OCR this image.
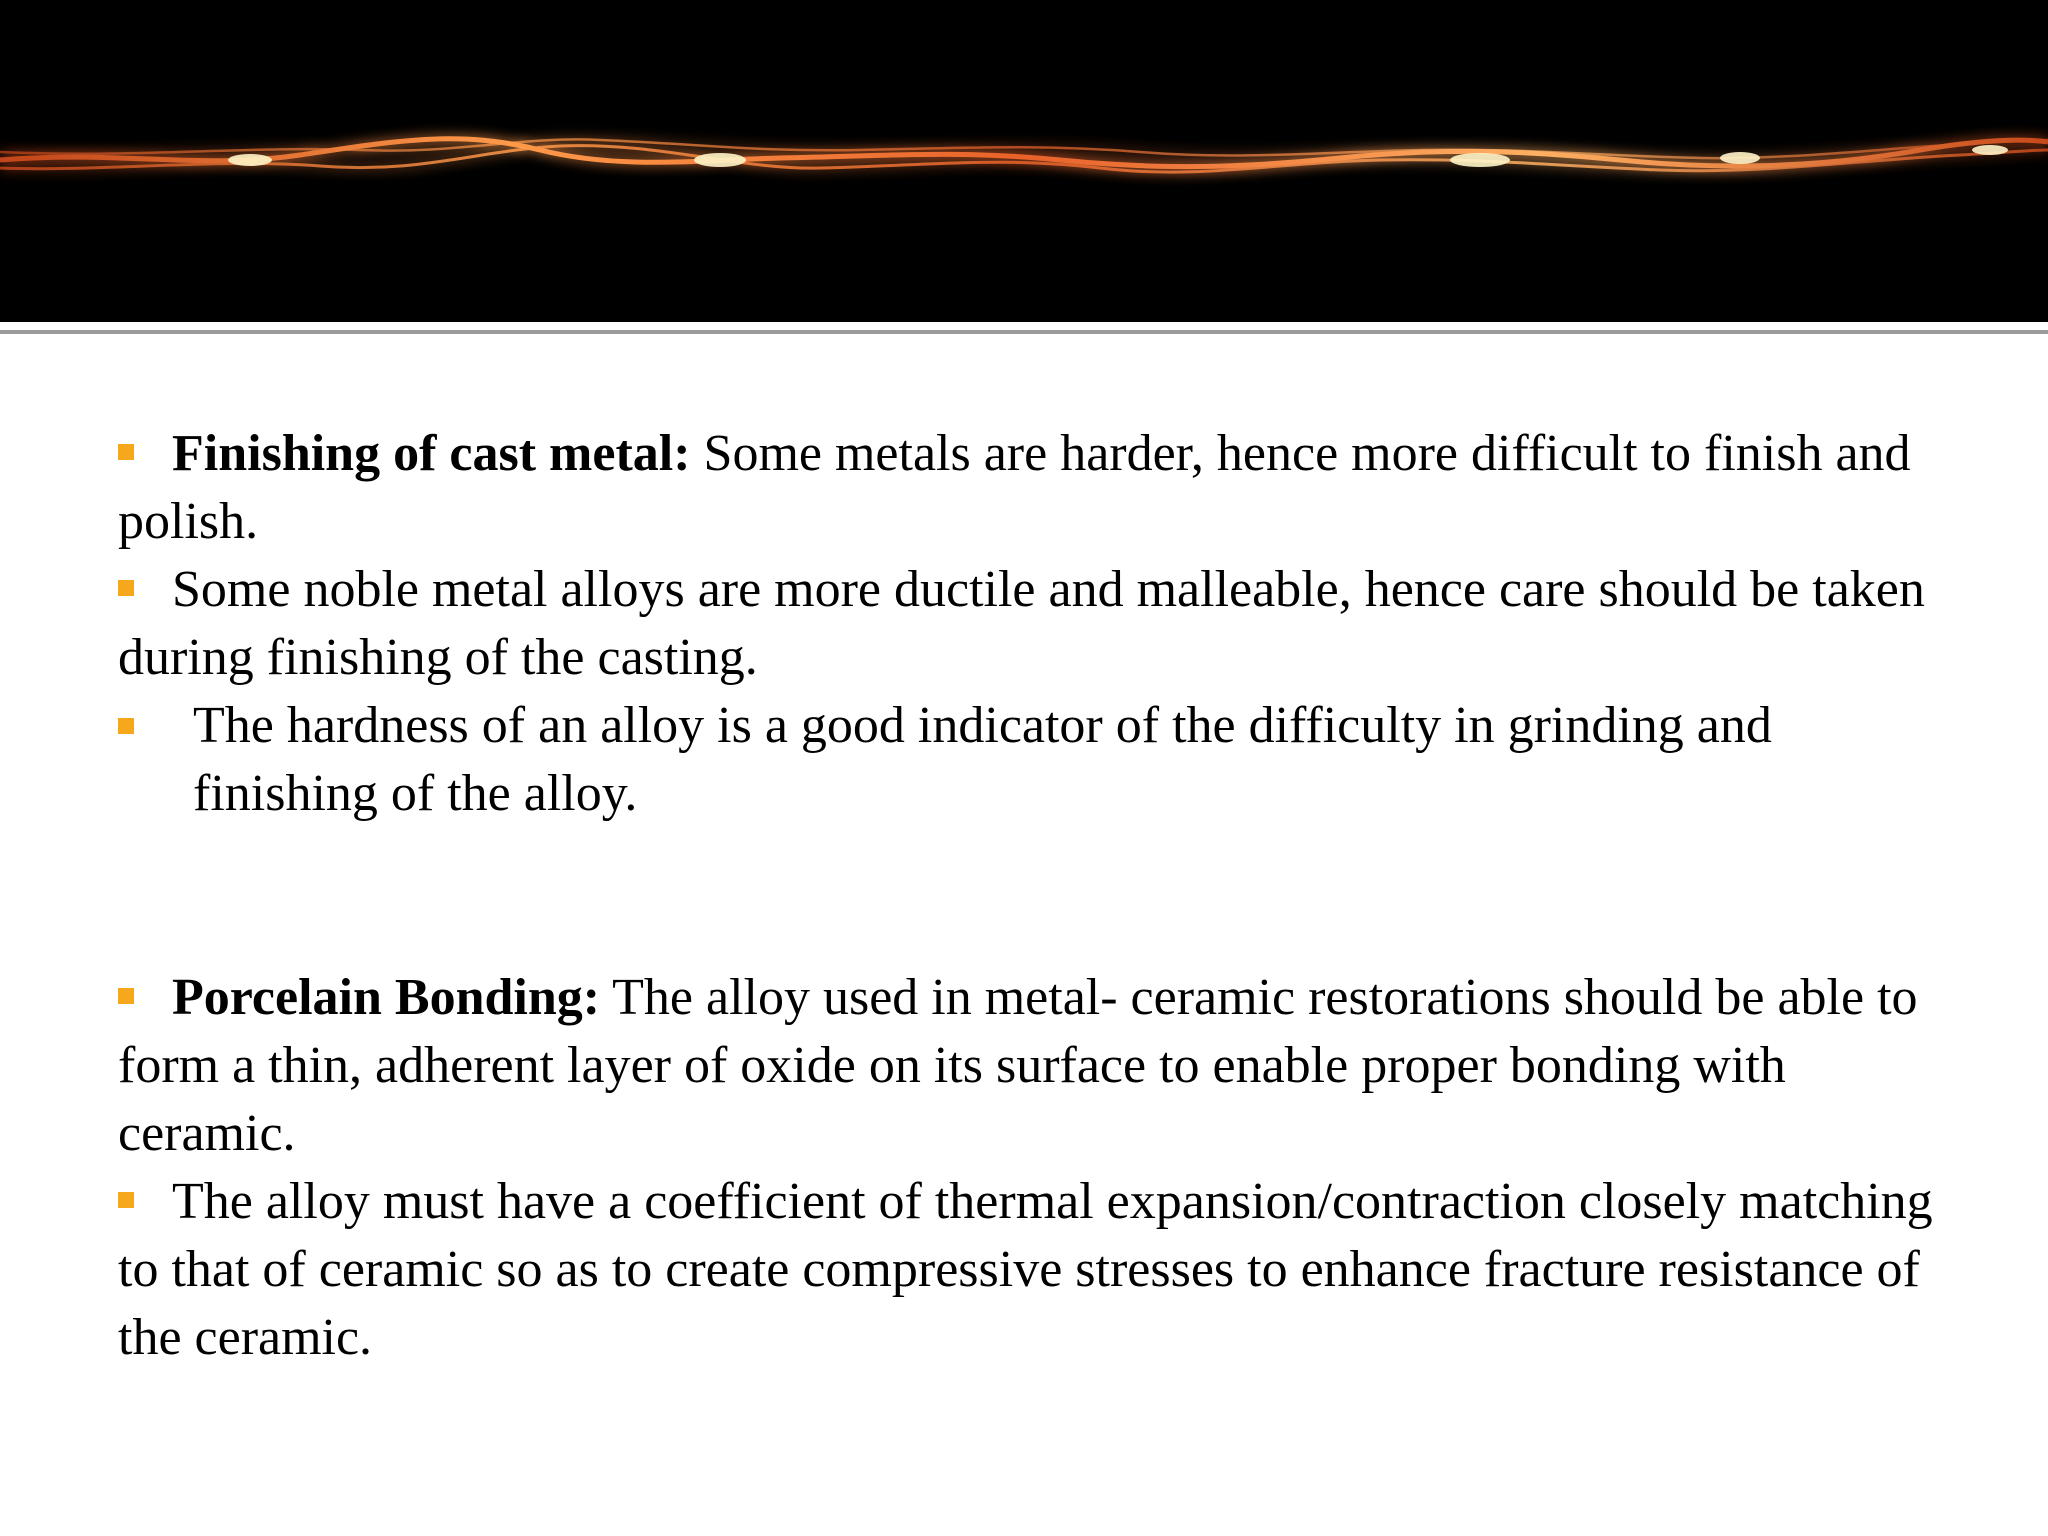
Finishing of cast metal: Some metals are harder, hence more difficult to finish and polish.

Some noble metal alloys are more ductile and malleable, hence care should be taken during finishing of the casting.

The hardness of an alloy is a good indicator of the difficulty in grinding and finishing of the alloy.

Porcelain Bonding: The alloy used in metal- ceramic restorations should be able to form a thin, adherent layer of oxide on its surface to enable proper bonding with ceramic.

The alloy must have a coefficient of thermal expansion/contraction closely matching to that of ceramic so as to create compressive stresses to enhance fracture resistance of the ceramic.
